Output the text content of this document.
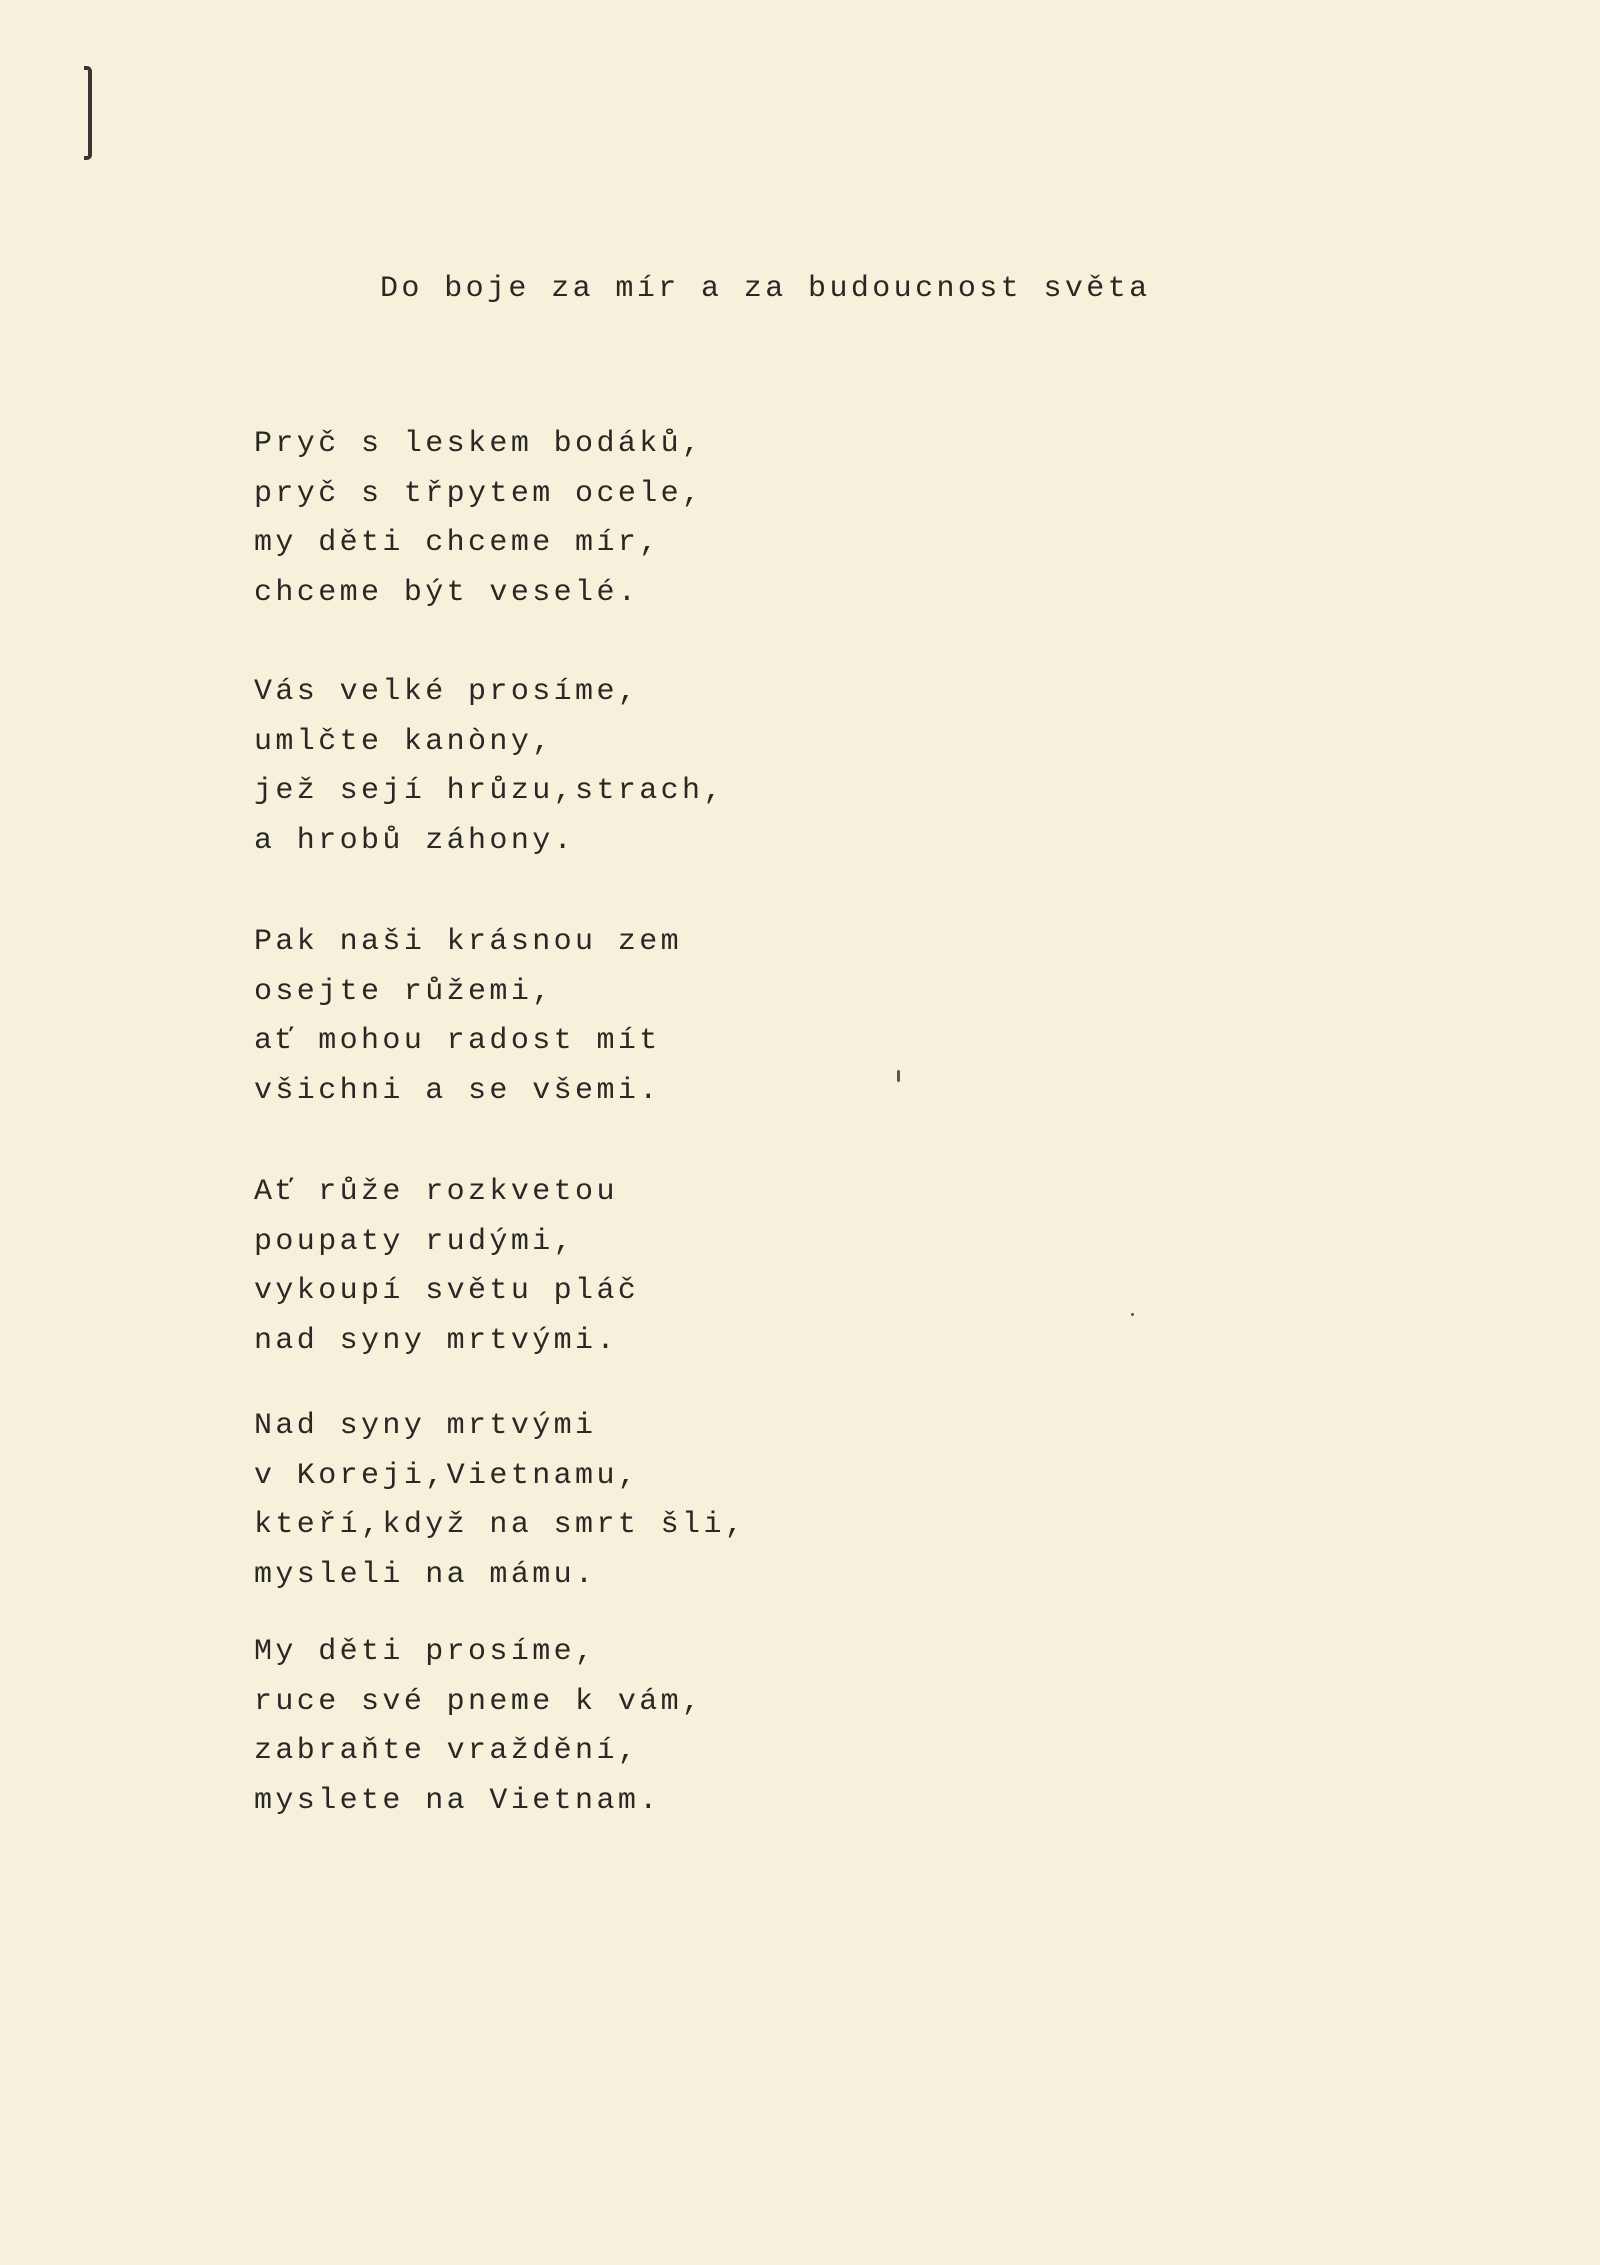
Do boje za mír a za budoucnost světa
Pryč s leskem bodáků,
pryč s třpytem ocele,
my děti chceme mír,
chceme být veselé.
Vás velké prosíme,
umlčte kanòny,
jež sejí hrůzu,strach,
a hrobů záhony.
Pak naši krásnou zem
osejte růžemi,
ať mohou radost mít
všichni a se všemi.
Ať růže rozkvetou
poupaty rudými,
vykoupí světu pláč
nad syny mrtvými.
Nad syny mrtvými
v Koreji,Vietnamu,
kteří,když na smrt šli,
mysleli na mámu.
My děti prosíme,
ruce své pneme k vám,
zabraňte vraždění,
myslete na Vietnam.
